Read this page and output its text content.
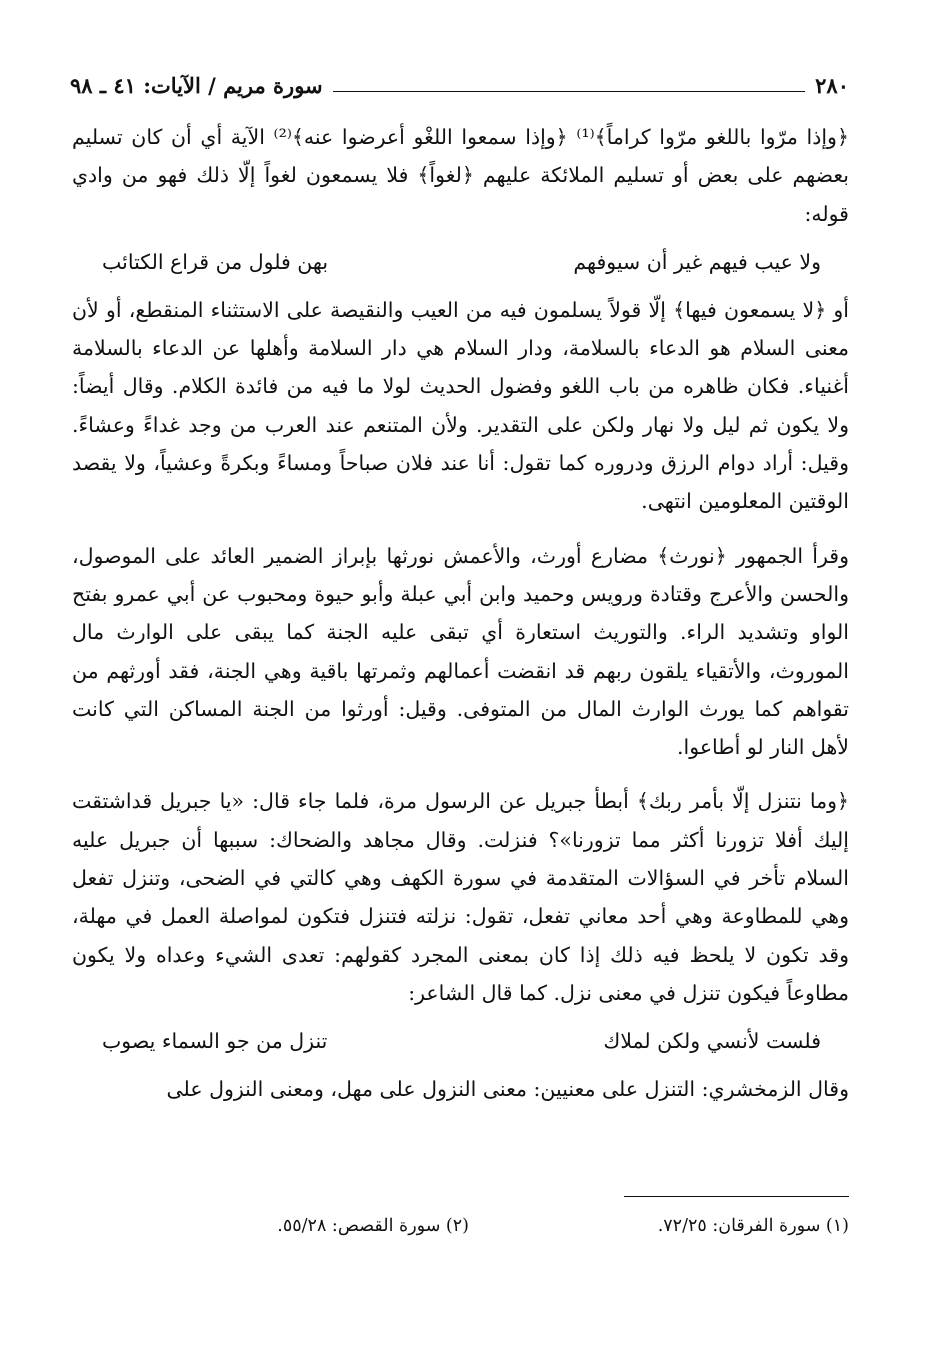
٢٨٠
سورة مريم / الآيات: ٤١ ـ ٩٨

﴿وإذا مرّوا باللغو مرّوا كراماً﴾⁽¹⁾ ﴿وإذا سمعوا اللغْو أعرضوا عنه﴾⁽²⁾ الآية أي أن كان تسليم بعضهم على بعض أو تسليم الملائكة عليهم ﴿لغواً﴾ فلا يسمعون لغواً إلّا ذلك فهو من وادي قوله:

ولا عيب فيهم غير أن سيوفهم
بهن فلول من قراع الكتائب

أو ﴿لا يسمعون فيها﴾ إلّا قولاً يسلمون فيه من العيب والنقيصة على الاستثناء المنقطع، أو لأن معنى السلام هو الدعاء بالسلامة، ودار السلام هي دار السلامة وأهلها عن الدعاء بالسلامة أغنياء. فكان ظاهره من باب اللغو وفضول الحديث لولا ما فيه من فائدة الكلام. وقال أيضاً: ولا يكون ثم ليل ولا نهار ولكن على التقدير. ولأن المتنعم عند العرب من وجد غداءً وعشاءً. وقيل: أراد دوام الرزق ودروره كما تقول: أنا عند فلان صباحاً ومساءً وبكرةً وعشياً، ولا يقصد الوقتين المعلومين انتهى.

وقرأ الجمهور ﴿نورث﴾ مضارع أورث، والأعمش نورثها بإبراز الضمير العائد على الموصول، والحسن والأعرج وقتادة ورويس وحميد وابن أبي عبلة وأبو حيوة ومحبوب عن أبي عمرو بفتح الواو وتشديد الراء. والتوريث استعارة أي تبقى عليه الجنة كما يبقى على الوارث مال الموروث، والأتقياء يلقون ربهم قد انقضت أعمالهم وثمرتها باقية وهي الجنة، فقد أورثهم من تقواهم كما يورث الوارث المال من المتوفى. وقيل: أورثوا من الجنة المساكن التي كانت لأهل النار لو أطاعوا.

﴿وما نتنزل إلّا بأمر ربك﴾ أبطأ جبريل عن الرسول مرة، فلما جاء قال: «يا جبريل قداشتقت إليك أفلا تزورنا أكثر مما تزورنا»؟ فنزلت. وقال مجاهد والضحاك: سببها أن جبريل عليه السلام تأخر في السؤالات المتقدمة في سورة الكهف وهي كالتي في الضحى، وتنزل تفعل وهي للمطاوعة وهي أحد معاني تفعل، تقول: نزلته فتنزل فتكون لمواصلة العمل في مهلة، وقد تكون لا يلحظ فيه ذلك إذا كان بمعنى المجرد كقولهم: تعدى الشيء وعداه ولا يكون مطاوعاً فيكون تنزل في معنى نزل. كما قال الشاعر:

فلست لأنسي ولكن لملاك
تنزل من جو السماء يصوب

وقال الزمخشري: التنزل على معنيين: معنى النزول على مهل، ومعنى النزول على

(١) سورة الفرقان: ٧٢/٢٥.
(٢) سورة القصص: ٥٥/٢٨.
